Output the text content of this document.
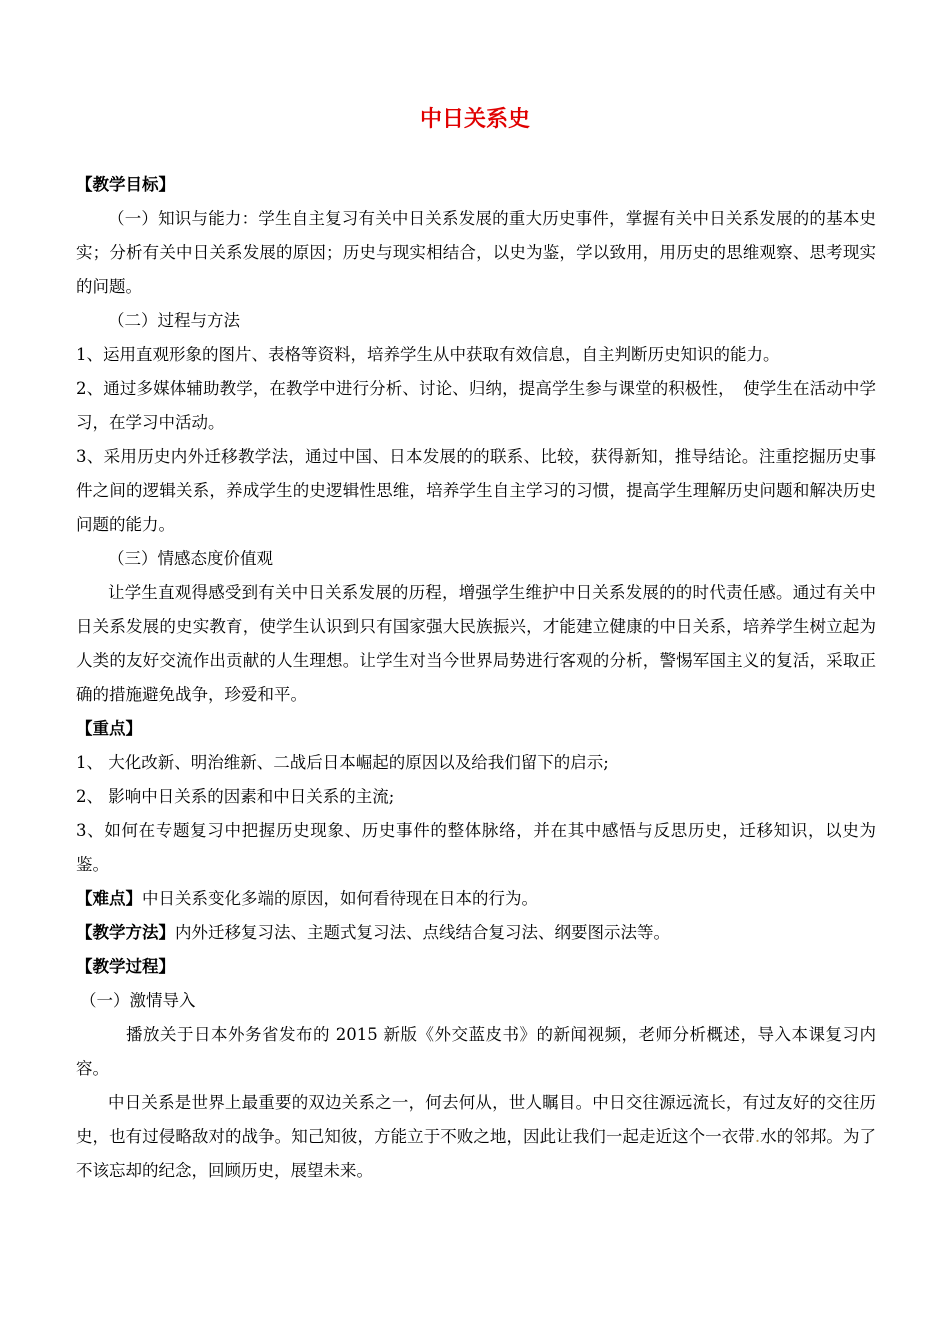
中日关系史

【教学目标】

（一）知识与能力：学生自主复习有关中日关系发展的重大历史事件，掌握有关中日关系发展的的基本史实；分析有关中日关系发展的原因；历史与现实相结合，以史为鉴，学以致用，用历史的思维观察、思考现实的问题。

（二）过程与方法

1、运用直观形象的图片、表格等资料，培养学生从中获取有效信息，自主判断历史知识的能力。

2、通过多媒体辅助教学，在教学中进行分析、讨论、归纳，提高学生参与课堂的积极性，　使学生在活动中学习，在学习中活动。

3、采用历史内外迁移教学法，通过中国、日本发展的的联系、比较，获得新知，推导结论。注重挖掘历史事件之间的逻辑关系，养成学生的史逻辑性思维，培养学生自主学习的习惯，提高学生理解历史问题和解决历史问题的能力。

（三）情感态度价值观

让学生直观得感受到有关中日关系发展的历程，增强学生维护中日关系发展的的时代责任感。通过有关中日关系发展的史实教育，使学生认识到只有国家强大民族振兴，才能建立健康的中日关系，培养学生树立起为人类的友好交流作出贡献的人生理想。让学生对当今世界局势进行客观的分析，警惕军国主义的复活，采取正确的措施避免战争，珍爱和平。

【重点】

1、 大化改新、明治维新、二战后日本崛起的原因以及给我们留下的启示;

2、 影响中日关系的因素和中日关系的主流;

3、如何在专题复习中把握历史现象、历史事件的整体脉络，并在其中感悟与反思历史，迁移知识，以史为鉴。

【难点】中日关系变化多端的原因，如何看待现在日本的行为。

【教学方法】内外迁移复习法、主题式复习法、点线结合复习法、纲要图示法等。

【教学过程】

（一）激情导入

播放关于日本外务省发布的 2015 新版《外交蓝皮书》的新闻视频，老师分析概述，导入本课复习内容。

中日关系是世界上最重要的双边关系之一，何去何从，世人瞩目。中日交往源远流长，有过友好的交往历史，也有过侵略敌对的战争。知己知彼，方能立于不败之地，因此让我们一起走近这个一衣带.水的邻邦。为了不该忘却的纪念，回顾历史，展望未来。
